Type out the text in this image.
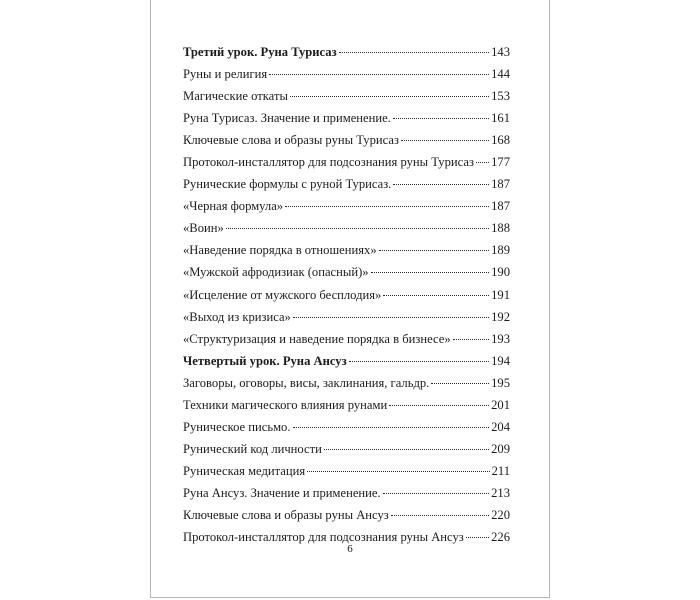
Третий урок. Руна Турисаз	143
Руны и религия	144
Магические откаты	153
Руна Турисаз. Значение и применение.	161
Ключевые слова и образы руны Турисаз	168
Протокол-инсталлятор для подсознания руны Турисаз 177
Рунические формулы с руной Турисаз.	187
«Черная формула»	187
«Воин»	188
«Наведение порядка в отношениях»	189
«Мужской афродизиак (опасный)»	190
«Исцеление от мужского бесплодия»	191
«Выход из кризиса»	192
«Структуризация и наведение порядка в бизнесе»	193
Четвертый урок. Руна Ансуз	194
Заговоры, оговоры, висы, заклинания, гальдр.	195
Техники магического влияния рунами	201
Руническое письмо.	204
Рунический код личности	209
Руническая медитация	211
Руна Ансуз. Значение и применение.	213
Ключевые слова и образы руны Ансуз	220
Протокол-инсталлятор для подсознания руны Ансуз 226
6
